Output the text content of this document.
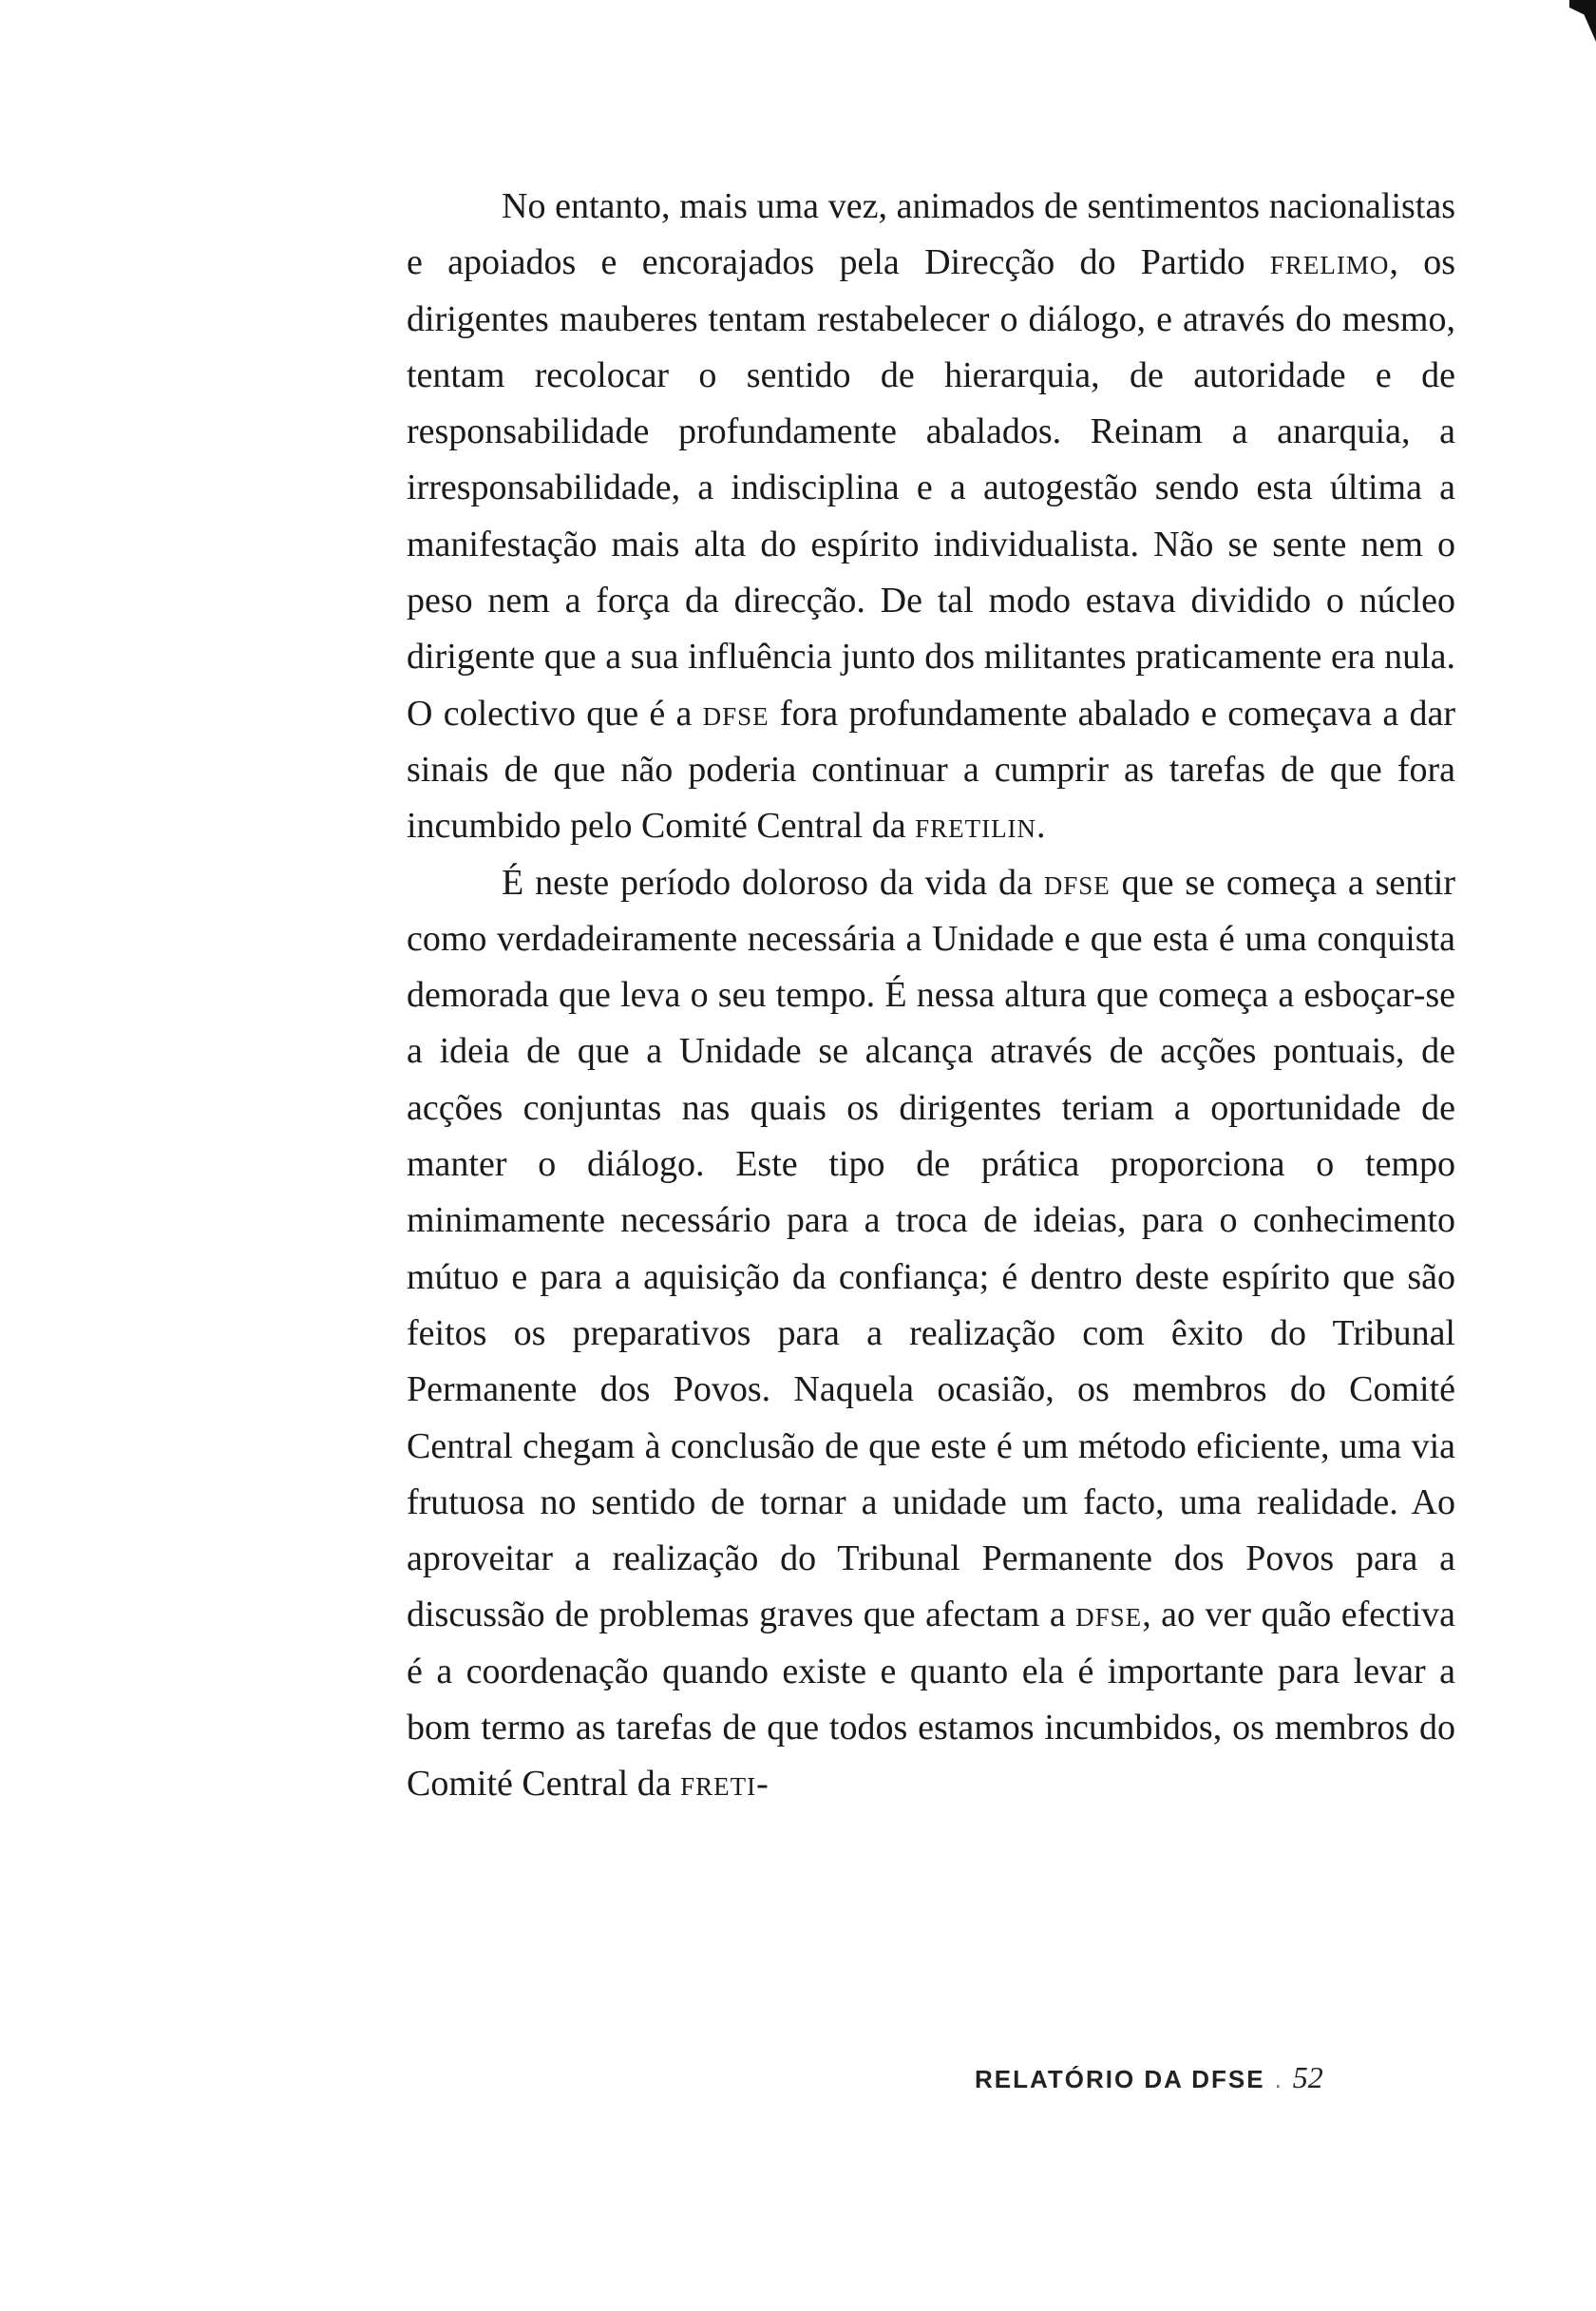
No entanto, mais uma vez, animados de sentimentos nacionalistas e apoiados e encorajados pela Direcção do Partido frelimo, os dirigentes mauberes tentam restabelecer o diálogo, e através do mesmo, tentam recolocar o sentido de hierarquia, de autoridade e de responsabilidade profundamente abalados. Reinam a anarquia, a irresponsabilidade, a indisciplina e a autogestão sendo esta última a manifestação mais alta do espírito individualista. Não se sente nem o peso nem a força da direcção. De tal modo estava dividido o núcleo dirigente que a sua influência junto dos militantes praticamente era nula. O colectivo que é a dfse fora profundamente abalado e começava a dar sinais de que não poderia continuar a cumprir as tarefas de que fora incumbido pelo Comité Central da fretilin.

É neste período doloroso da vida da dfse que se começa a sentir como verdadeiramente necessária a Unidade e que esta é uma conquista demorada que leva o seu tempo. É nessa altura que começa a esboçar-se a ideia de que a Unidade se alcança através de acções pontuais, de acções conjuntas nas quais os dirigentes teriam a oportunidade de manter o diálogo. Este tipo de prática proporciona o tempo minimamente necessário para a troca de ideias, para o conhecimento mútuo e para a aquisição da confiança; é dentro deste espírito que são feitos os preparativos para a realização com êxito do Tribunal Permanente dos Povos. Naquela ocasião, os membros do Comité Central chegam à conclusão de que este é um método eficiente, uma via frutuosa no sentido de tornar a unidade um facto, uma realidade. Ao aproveitar a realização do Tribunal Permanente dos Povos para a discussão de problemas graves que afectam a dfse, ao ver quão efectiva é a coordenação quando existe e quanto ela é importante para levar a bom termo as tarefas de que todos estamos incumbidos, os membros do Comité Central da freti-

RELATÓRIO DA DFSE . 52
